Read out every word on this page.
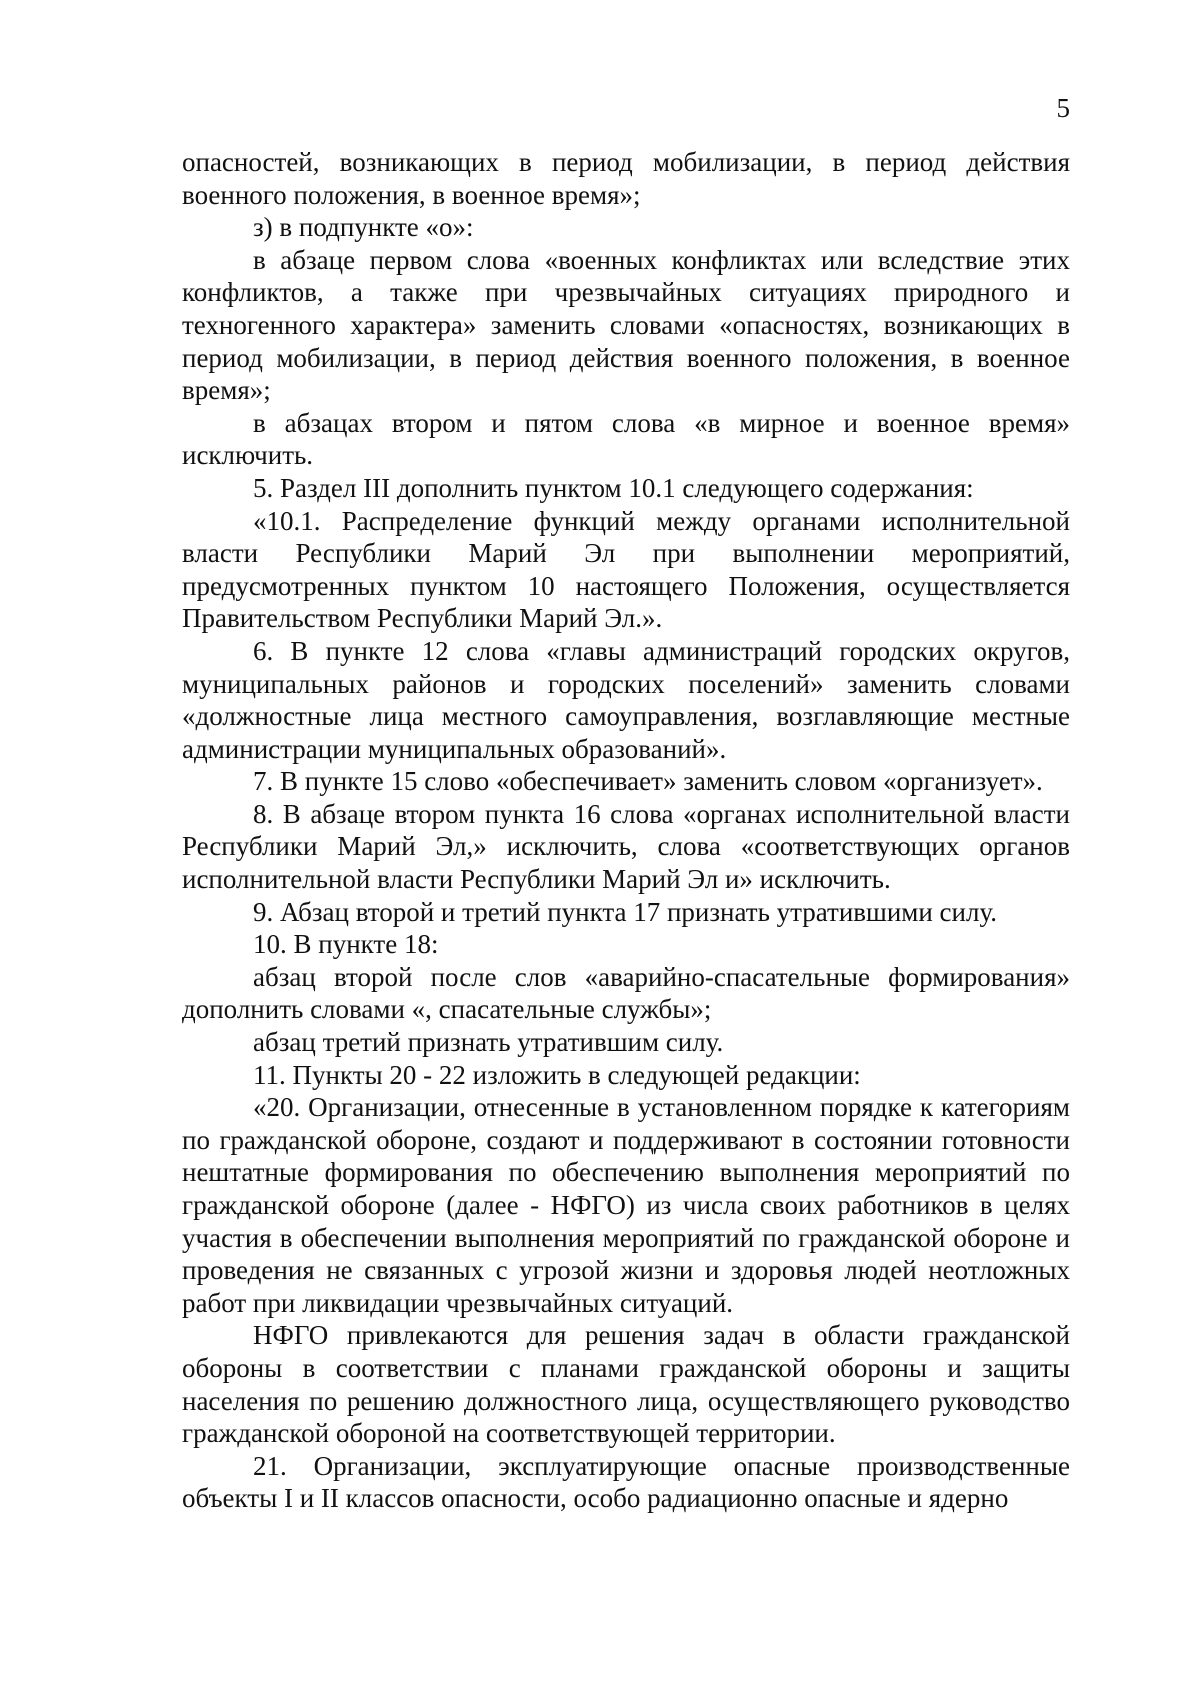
5

опасностей, возникающих в период мобилизации, в период действия военного положения, в военное время»;

з) в подпункте «о»:

в абзаце первом слова «военных конфликтах или вследствие этих конфликтов, а также при чрезвычайных ситуациях природного и техногенного характера» заменить словами «опасностях, возникающих в период мобилизации, в период действия военного положения, в военное время»;

в абзацах втором и пятом слова «в мирное и военное время» исключить.

5. Раздел III дополнить пунктом 10.1 следующего содержания:

«10.1. Распределение функций между органами исполнительной власти Республики Марий Эл при выполнении мероприятий, предусмотренных пунктом 10 настоящего Положения, осуществляется Правительством Республики Марий Эл.».

6. В пункте 12 слова «главы администраций городских округов, муниципальных районов и городских поселений» заменить словами «должностные лица местного самоуправления, возглавляющие местные администрации муниципальных образований».

7. В пункте 15 слово «обеспечивает» заменить словом «организует».

8. В абзаце втором пункта 16 слова «органах исполнительной власти Республики Марий Эл,» исключить, слова «соответствующих органов исполнительной власти Республики Марий Эл и» исключить.

9. Абзац второй и третий пункта 17 признать утратившими силу.

10. В пункте 18:

абзац второй после слов «аварийно-спасательные формирования» дополнить словами «, спасательные службы»;

абзац третий признать утратившим силу.

11. Пункты 20 - 22 изложить в следующей редакции:

«20. Организации, отнесенные в установленном порядке к категориям по гражданской обороне, создают и поддерживают в состоянии готовности нештатные формирования по обеспечению выполнения мероприятий по гражданской обороне (далее - НФГО) из числа своих работников в целях участия в обеспечении выполнения мероприятий по гражданской обороне и проведения не связанных с угрозой жизни и здоровья людей неотложных работ при ликвидации чрезвычайных ситуаций.

НФГО привлекаются для решения задач в области гражданской обороны в соответствии с планами гражданской обороны и защиты населения по решению должностного лица, осуществляющего руководство гражданской обороной на соответствующей территории.

21. Организации, эксплуатирующие опасные производственные объекты I и II классов опасности, особо радиационно опасные и ядерно
